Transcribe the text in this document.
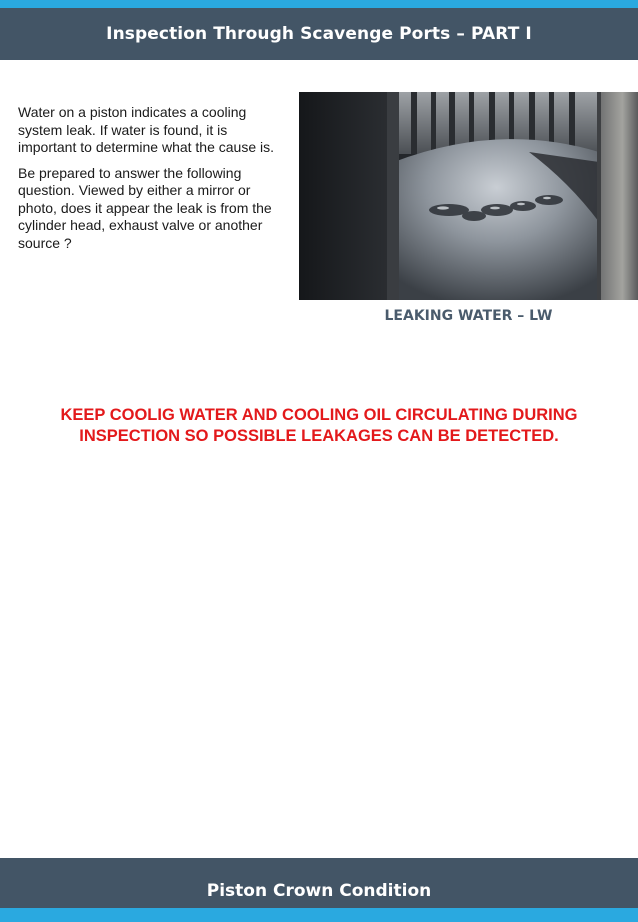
Inspection Through Scavenge Ports – PART I

Water on a piston indicates a cooling system leak. If water is found, it is important to determine what the cause is.

Be prepared to answer the following question. Viewed by either a mirror or photo, does it appear the leak is from the cylinder head, exhaust valve or another source ?

LEAKING WATER – LW
KEEP COOLIG WATER AND COOLING OIL CIRCULATING DURING INSPECTION SO POSSIBLE LEAKAGES CAN BE DETECTED.
Piston Crown Condition
